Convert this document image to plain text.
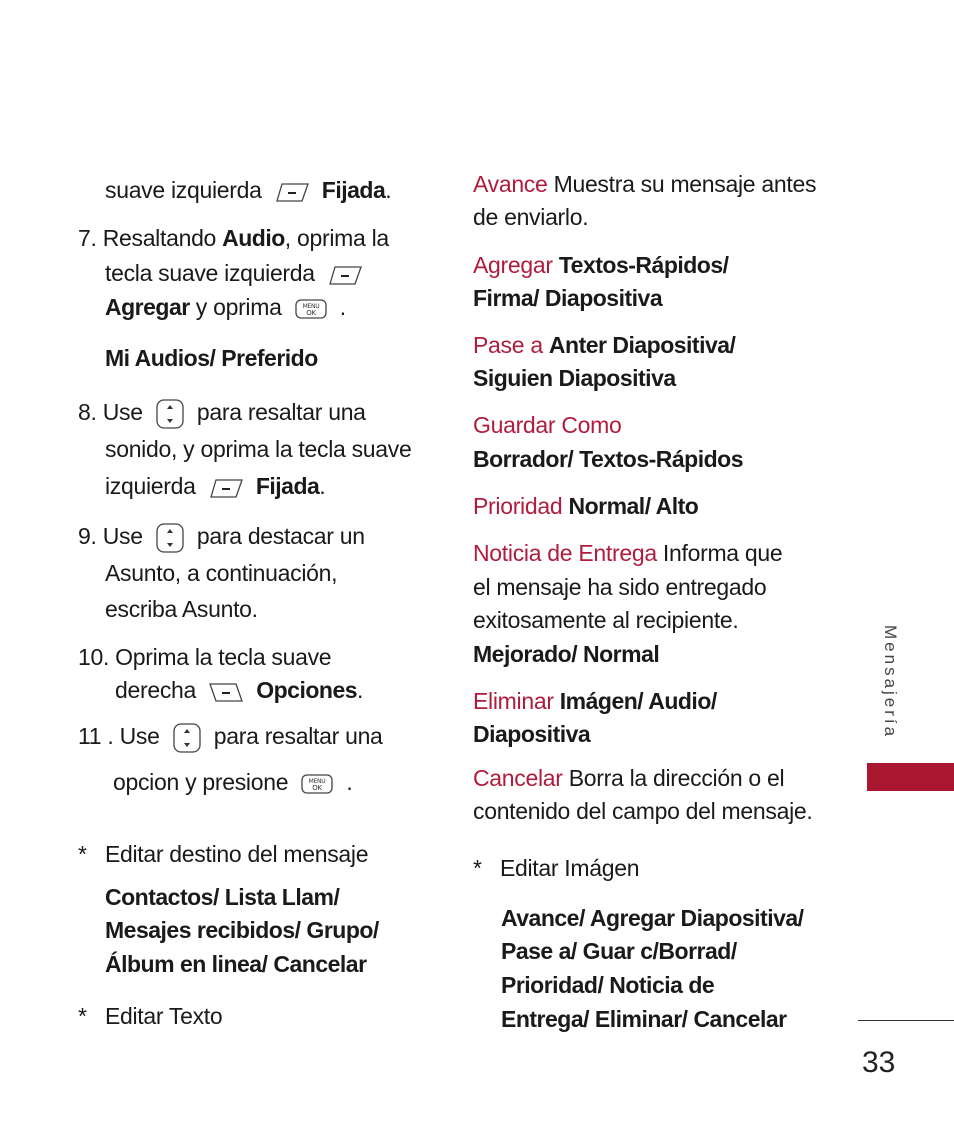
suave izquierda	Fijada.
7. Resaltando Audio, oprima la
tecla suave izquierda
Agregar y oprima	MENU
OK .
Mi Audios/ Preferido
8. Use para resaltar una
sonido, y oprima la tecla suave
izquierda	Fijada.
9. Use para destacar un
Asunto, a continuación,
escriba Asunto.
10. Oprima la tecla suave
derecha	Opciones.
11 . Use para resaltar una
opcion y presione	MENU
OK .
* Editar destino del mensaje
Contactos/ Lista Llam/
Mesajes recibidos/ Grupo/
Álbum en linea/ Cancelar
* Editar Texto
Avance Muestra su mensaje antes
de enviarlo.
Agregar Textos-Rápidos/
Firma/ Diapositiva
Pase a Anter Diapositiva/
Siguien Diapositiva
Guardar Como
Borrador/ Textos-Rápidos
Prioridad Normal/ Alto
Noticia de Entrega Informa que
el mensaje ha sido entregado
exitosamente al recipiente.
Mejorado/ Normal
Eliminar Imágen/ Audio/
Diapositiva
Cancelar Borra la dirección o el
contenido del campo del mensaje.
* Editar Imágen
Avance/ Agregar Diapositiva/
Pase a/ Guar c/Borrad/
Prioridad/ Noticia de
Entrega/ Eliminar/ Cancelar
Mensajería
33
